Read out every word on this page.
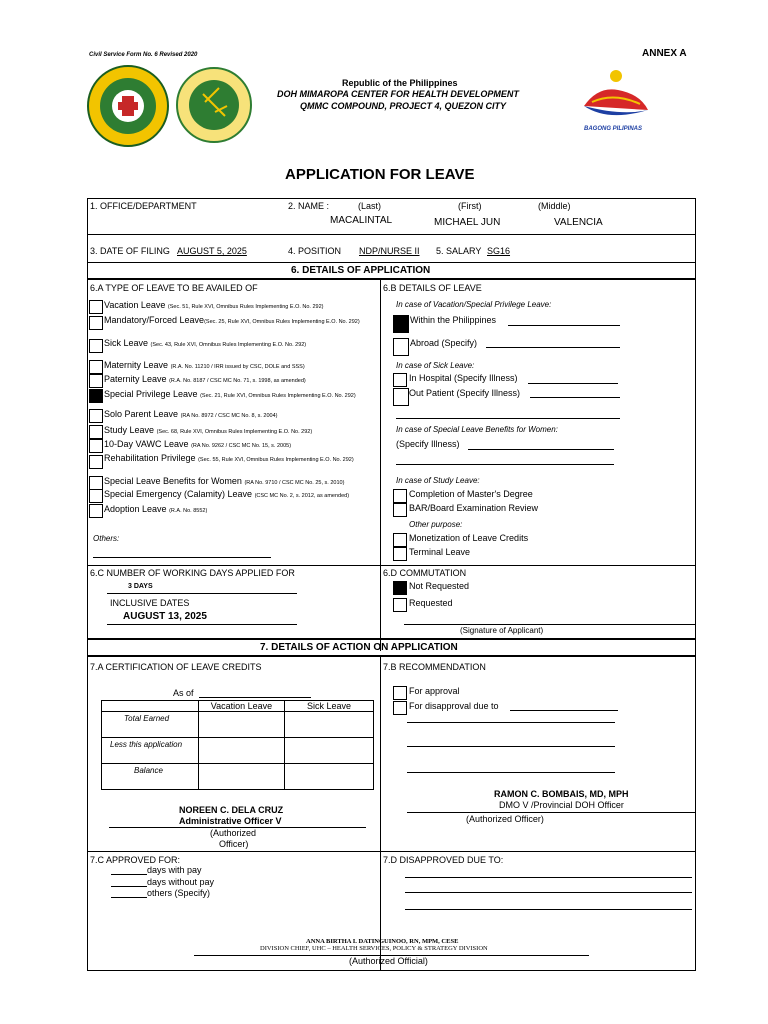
Civil Service Form No. 6 Revised 2020	ANNEX A
Republic of the Philippines
DOH MIMAROPA CENTER FOR HEALTH DEVELOPMENT
QMMC COMPOUND, PROJECT 4, QUEZON CITY
BAGONG PILIPINAS
APPLICATION FOR LEAVE
1. OFFICE/DEPARTMENT	2. NAME :	(Last)	(First)	(Middle)
MACALINTAL	MICHAEL JUN	VALENCIA
3. DATE OF FILING AUGUST 5, 2025	4. POSITION NDP/NURSE II 5. SALARY SG16
6. DETAILS OF APPLICATION
6.A TYPE OF LEAVE TO BE AVAILED OF	6.B DETAILS OF LEAVE
Vacation Leave (Sec. 51, Rule XVI, Omnibus Rules Implementing E.O. No. 292)
Mandatory/Forced Leave(Sec. 25, Rule XVI, Omnibus Rules Implementing E.O. No. 292)
Sick Leave (Sec. 43, Rule XVI, Omnibus Rules Implementing E.O. No. 292)
Maternity Leave (R.A. No. 11210 / IRR issued by CSC, DOLE and SSS)
Paternity Leave (R.A. No. 8187 / CSC MC No. 71, s. 1998, as amended)
Special Privilege Leave (Sec. 21, Rule XVI, Omnibus Rules Implementing E.O. No. 292)
Solo Parent Leave (RA No. 8972 / CSC MC No. 8, s. 2004)
Study Leave (Sec. 68, Rule XVI, Omnibus Rules Implementing E.O. No. 292)
10-Day VAWC Leave (RA No. 9262 / CSC MC No. 15, s. 2005)
Rehabilitation Privilege (Sec. 55, Rule XVI, Omnibus Rules Implementing E.O. No. 292)
Special Leave Benefits for Women (RA No. 9710 / CSC MC No. 25, s. 2010)
Special Emergency (Calamity) Leave (CSC MC No. 2, s. 2012, as amended)
Adoption Leave (R.A. No. 8552)
Others:
In case of Vacation/Special Privilege Leave:
Within the Philippines
Abroad (Specify)
In case of Sick Leave:
In Hospital (Specify Illness)
Out Patient (Specify Illness)
In case of Special Leave Benefits for Women:
(Specify Illness)
In case of Study Leave:
Completion of Master's Degree
BAR/Board Examination Review
Other purpose:
Monetization of Leave Credits
Terminal Leave
6.C NUMBER OF WORKING DAYS APPLIED FOR
3 DAYS
INCLUSIVE DATES
AUGUST 13, 2025
6.D COMMUTATION
Not Requested
Requested
(Signature of Applicant)
7. DETAILS OF ACTION ON APPLICATION
7.A CERTIFICATION OF LEAVE CREDITS
As of
	Vacation Leave	Sick Leave
Total Earned		
Less this application		
Balance		
NOREEN C. DELA CRUZ
Administrative Officer V
(Authorized
Officer)
7.B RECOMMENDATION
For approval
For disapproval due to
RAMON C. BOMBAIS, MD, MPH
DMO V /Provincial DOH Officer
(Authorized Officer)
7.C APPROVED FOR:
days with pay
days without pay
others (Specify)
7.D DISAPPROVED DUE TO:
ANNA BIRTHA I. DATINGUINOO, RN, MPM, CESE
DIVISION CHIEF, UHC – HEALTH SERVICES, POLICY & STRATEGY DIVISION
(Authorized Official)
